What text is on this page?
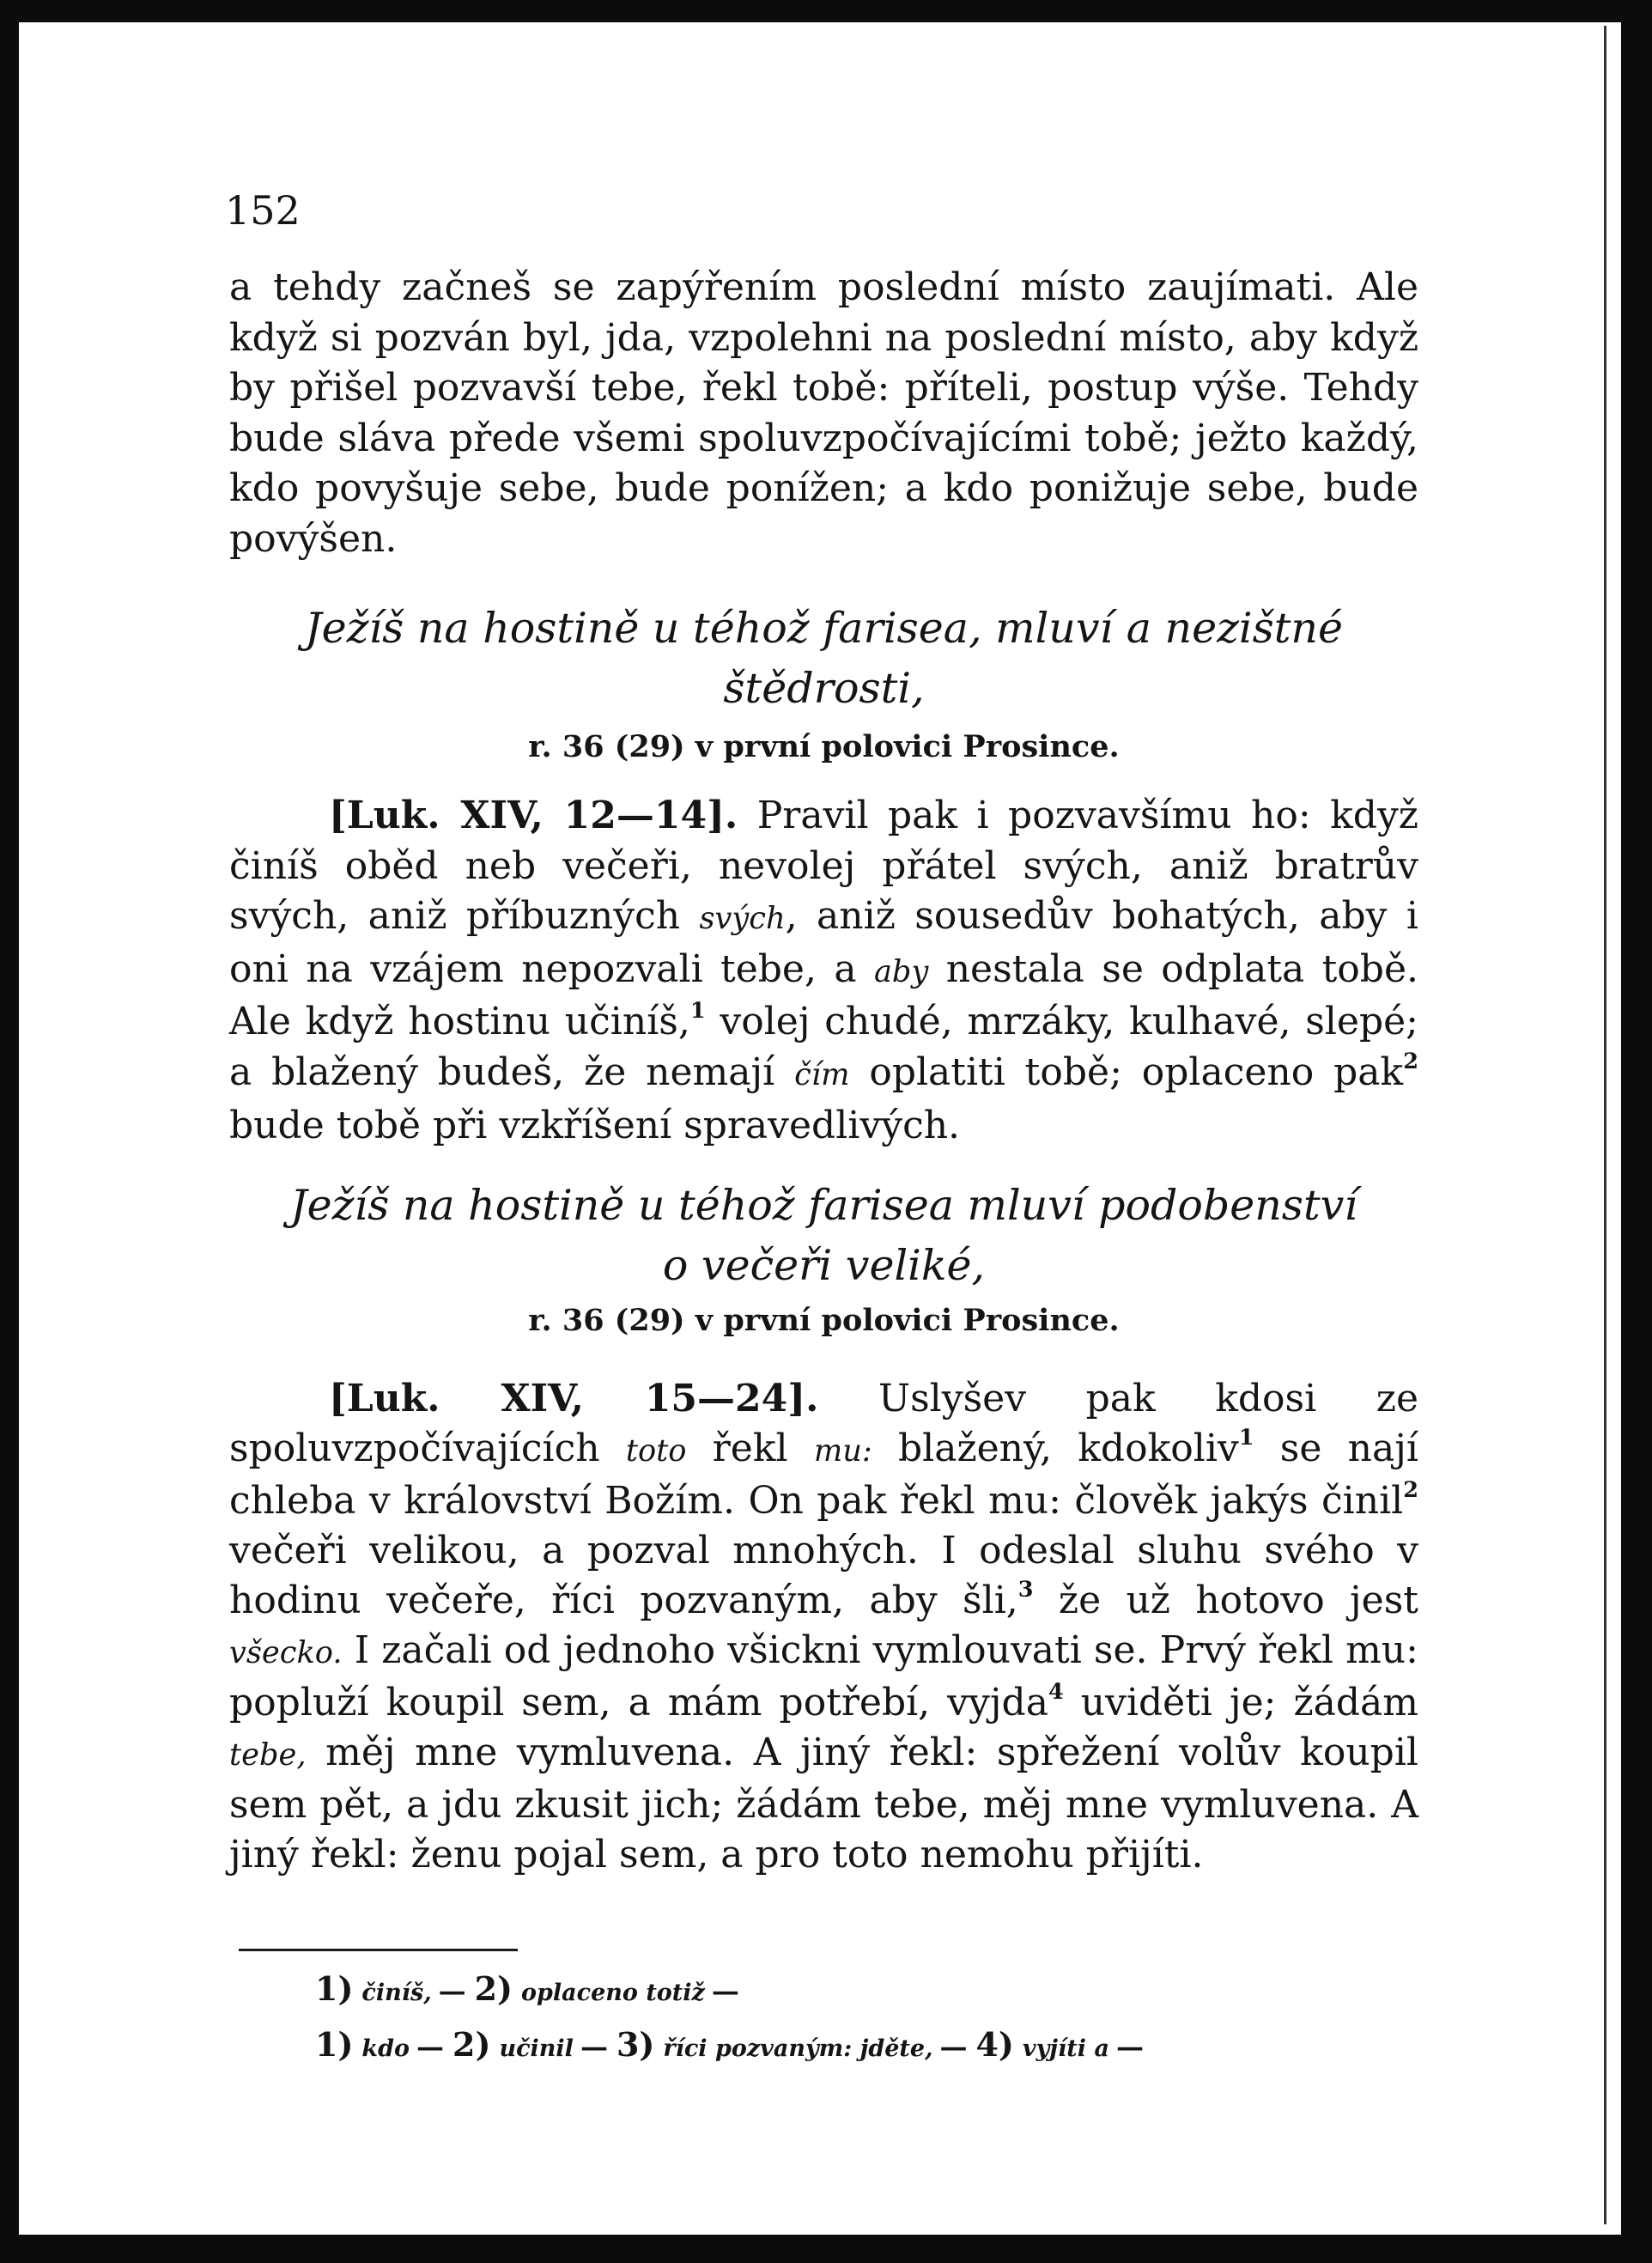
152

a tehdy začneš se zapýřením poslední místo zaujímati. Ale když si pozván byl, jda, vzpolehni na poslední místo, aby když by přišel pozvavší tebe, řekl tobě: příteli, postup výše. Tehdy bude sláva přede všemi spoluvzpočívajícími tobě; ježto každý, kdo povyšuje sebe, bude ponížen; a kdo ponižuje sebe, bude povýšen.

Ježíš na hostině u téhož farisea, mluví a nezištné

štědrosti,

r. 36 (29) v první polovici Prosince.

[Luk. XIV, 12—14]. Pravil pak i pozvavšímu ho: když činíš oběd neb večeři, nevolej přátel svých, aniž bratrův svých, aniž příbuzných svých, aniž sousedův bohatých, aby i oni na vzájem nepozvali tebe, a aby nestala se odplata tobě. Ale když hostinu učiníš,$^1$ volej chudé, mrzáky, kulhavé, slepé; a blažený budeš, že nemají čím oplatiti tobě; oplaceno pak$^2$ bude tobě při vzkříšení spravedlivých.

Ježíš na hostině u téhož farisea mluví podobenství

o večeři veliké,

r. 36 (29) v první polovici Prosince.

[Luk. XIV, 15—24]. Uslyšev pak kdosi ze spoluvzpočívajících toto řekl mu: blažený, kdokoliv$^1$ se nají chleba v království Božím. On pak řekl mu: člověk jakýs činil$^2$ večeři velikou, a pozval mnohých. I odeslal sluhu svého v hodinu večeře, říci pozvaným, aby šli,$^3$ že už hotovo jest všecko. I začali od jednoho všickni vymlouvati se. Prvý řekl mu: popluží koupil sem, a mám potřebí, vyjda$^4$ uviděti je; žádám tebe, měj mne vymluvena. A jiný řekl: spřežení volův koupil sem pět, a jdu zkusit jich; žádám tebe, měj mne vymluvena. A jiný řekl: ženu pojal sem, a pro toto nemohu přijíti.

1) činíš, — 2) oplaceno totiž —

1) kdo — 2) učinil — 3) říci pozvaným: jděte, — 4) vyjíti a —
